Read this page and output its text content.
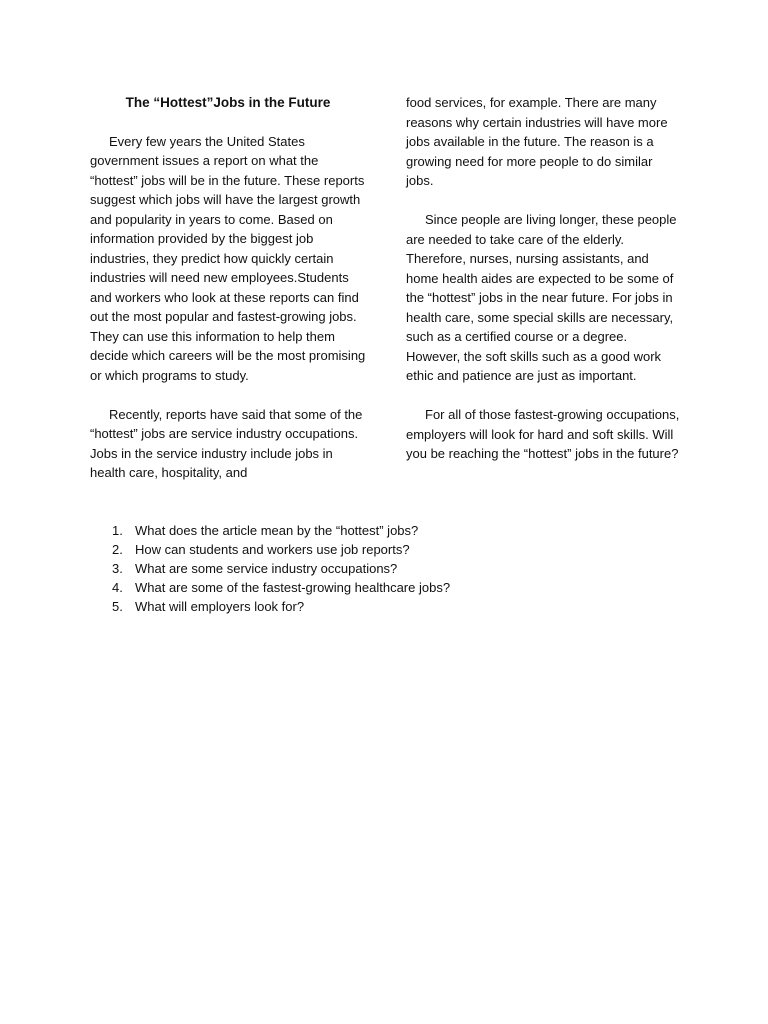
The “Hottest”Jobs in the Future

Every few years the United States government issues a report on what the “hottest” jobs will be in the future. These reports suggest which jobs will have the largest growth and popularity in years to come. Based on information provided by the biggest job industries, they predict how quickly certain industries will need new employees.Students and workers who look at these reports can find out the most popular and fastest-growing jobs. They can use this information to help them decide which careers will be the most promising or which programs to study.

Recently, reports have said that some of the “hottest” jobs are service industry occupations. Jobs in the service industry include jobs in health care, hospitality, and

food services, for example. There are many reasons why certain industries will have more jobs available in the future. The reason is a growing need for more people to do similar jobs.

Since people are living longer, these people are needed to take care of the elderly. Therefore, nurses, nursing assistants, and home health aides are expected to be some of the “hottest” jobs in the near future. For jobs in health care, some special skills are necessary, such as a certified course or a degree. However, the soft skills such as a good work ethic and patience are just as important.

For all of those fastest-growing occupations, employers will look for hard and soft skills. Will you be reaching the “hottest” jobs in the future?

1. What does the article mean by the “hottest” jobs?
2. How can students and workers use job reports?
3. What are some service industry occupations?
4. What are some of the fastest-growing healthcare jobs?
5. What will employers look for?
